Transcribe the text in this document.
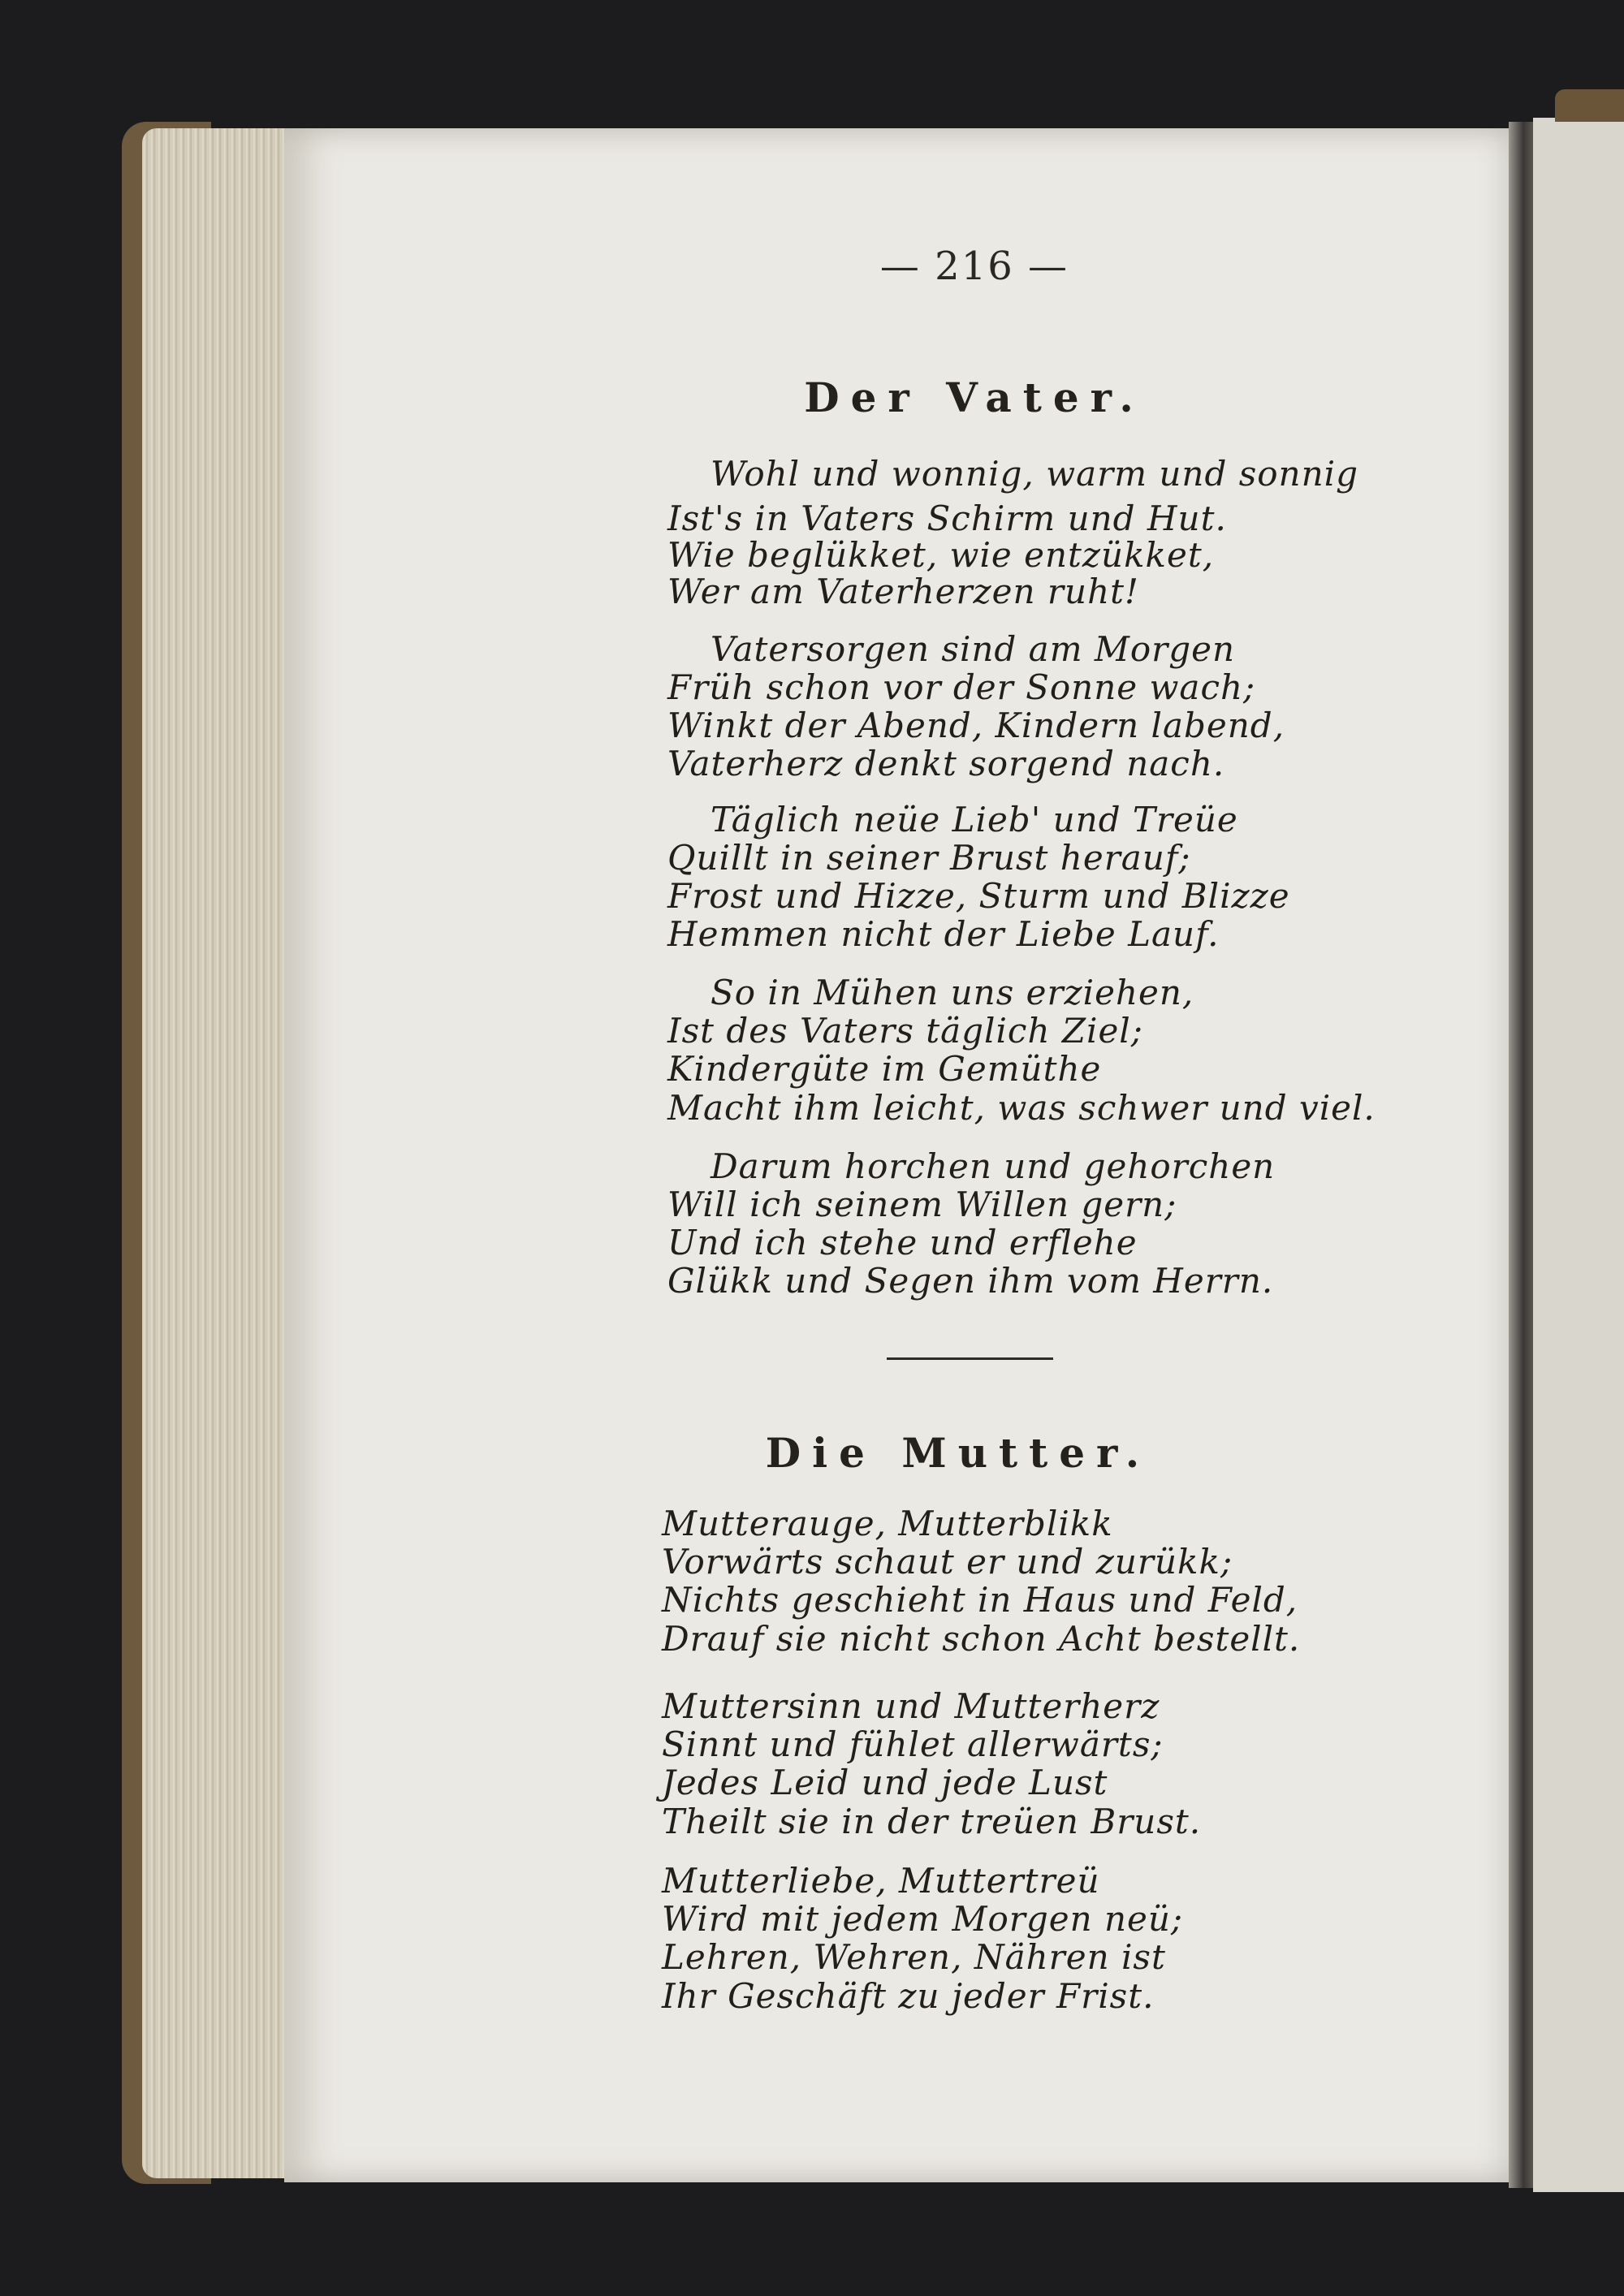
— 216 —
Der Vater.
Wohl und wonnig, warm und sonnig
Ist's in Vaters Schirm und Hut.
Wie beglükket, wie entzükket,
Wer am Vaterherzen ruht!
Vatersorgen sind am Morgen
Früh schon vor der Sonne wach;
Winkt der Abend, Kindern labend,
Vaterherz denkt sorgend nach.
Täglich neüe Lieb' und Treüe
Quillt in seiner Brust herauf;
Frost und Hizze, Sturm und Blizze
Hemmen nicht der Liebe Lauf.
So in Mühen uns erziehen,
Ist des Vaters täglich Ziel;
Kindergüte im Gemüthe
Macht ihm leicht, was schwer und viel.
Darum horchen und gehorchen
Will ich seinem Willen gern;
Und ich stehe und erflehe
Glükk und Segen ihm vom Herrn.
Die Mutter.
Mutterauge, Mutterblikk
Vorwärts schaut er und zurükk;
Nichts geschieht in Haus und Feld,
Drauf sie nicht schon Acht bestellt.
Muttersinn und Mutterherz
Sinnt und fühlet allerwärts;
Jedes Leid und jede Lust
Theilt sie in der treüen Brust.
Mutterliebe, Muttertreü
Wird mit jedem Morgen neü;
Lehren, Wehren, Nähren ist
Ihr Geschäft zu jeder Frist.
